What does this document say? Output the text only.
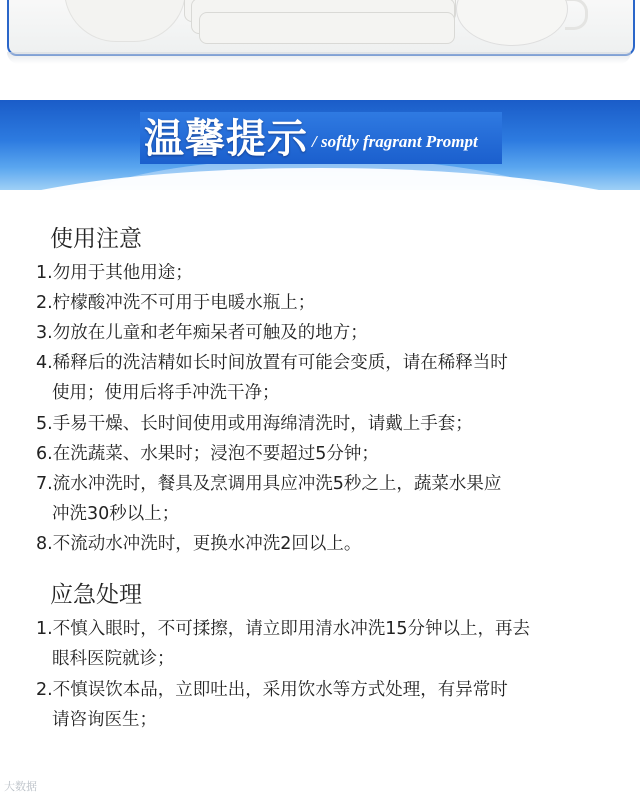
温馨提示 / softly fragrant Prompt
使用注意
1.勿用于其他用途；
2.柠檬酸冲洗不可用于电暖水瓶上；
3.勿放在儿童和老年痴呆者可触及的地方；
4.稀释后的洗洁精如长时间放置有可能会变质，请在稀释当时
使用；使用后将手冲洗干净；
5.手易干燥、长时间使用或用海绵清洗时，请戴上手套；
6.在洗蔬菜、水果时；浸泡不要超过5分钟；
7.流水冲洗时，餐具及烹调用具应冲洗5秒之上，蔬菜水果应
冲洗30秒以上；
8.不流动水冲洗时，更换水冲洗2回以上。
应急处理
1.不慎入眼时，不可揉擦，请立即用清水冲洗15分钟以上，再去
眼科医院就诊；
2.不慎误饮本品，立即吐出，采用饮水等方式处理，有异常时
请咨询医生；
大数据
